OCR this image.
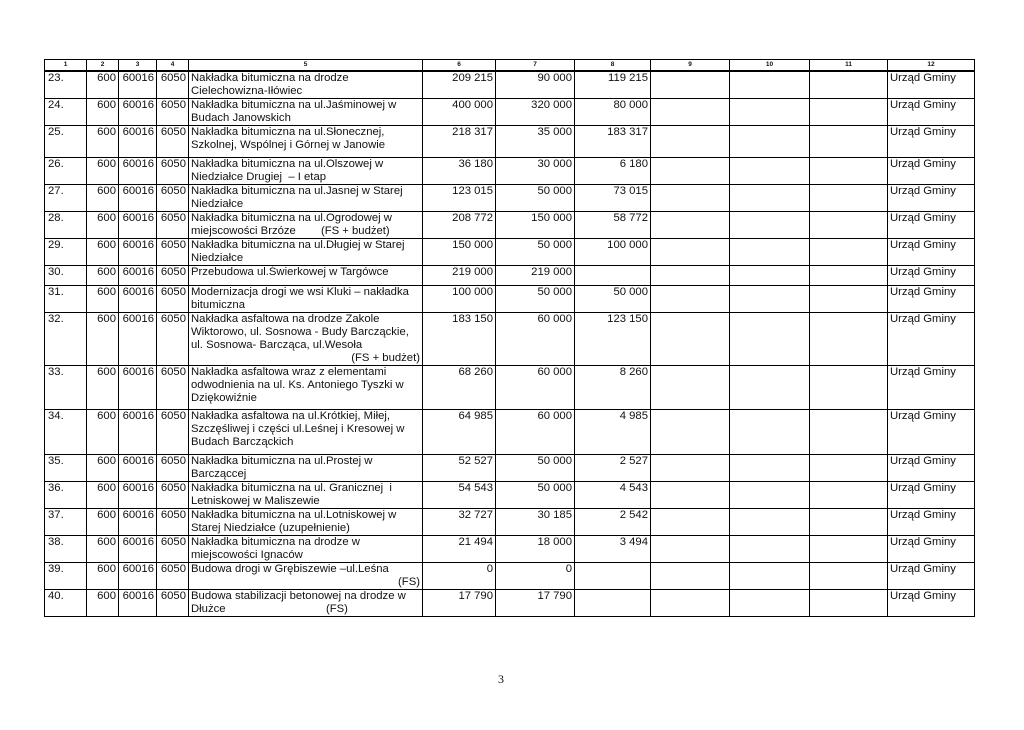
1	2	3	4	5	6	7	8	9	10	11	12
23.	600	60016	6050	Nakładka bitumiczna na drodze
Cielechowizna-Iłówiec	209 215	90 000	119 215				Urząd Gminy
24.	600	60016	6050	Nakładka bitumiczna na ul.Jaśminowej w
Budach Janowskich	400 000	320 000	80 000				Urząd Gminy
25.	600	60016	6050	Nakładka bitumiczna na ul.Słonecznej,
Szkolnej, Wspólnej i Górnej w Janowie	218 317	35 000	183 317				Urząd Gminy
26.	600	60016	6050	Nakładka bitumiczna na ul.Olszowej w
Niedziałce Drugiej  – I etap	36 180	30 000	6 180				Urząd Gminy
27.	600	60016	6050	Nakładka bitumiczna na ul.Jasnej w Starej
Niedziałce	123 015	50 000	73 015				Urząd Gminy
28.	600	60016	6050	Nakładka bitumiczna na ul.Ogrodowej w
miejscowości Brzóze        (FS + budżet)	208 772	150 000	58 772				Urząd Gminy
29.	600	60016	6050	Nakładka bitumiczna na ul.Długiej w Starej
Niedziałce	150 000	50 000	100 000				Urząd Gminy
30.	600	60016	6050	Przebudowa ul.Świerkowej w Targówce	219 000	219 000					Urząd Gminy
31.	600	60016	6050	Modernizacja drogi we wsi Kluki – nakładka
bitumiczna	100 000	50 000	50 000				Urząd Gminy
32.	600	60016	6050	Nakładka asfaltowa na drodze Zakole
Wiktorowo, ul. Sosnowa - Budy Barcząckie,
ul. Sosnowa- Barcząca, ul.Wesoła
(FS + budżet)	183 150	60 000	123 150				Urząd Gminy
33.	600	60016	6050	Nakładka asfaltowa wraz z elementami
odwodnienia na ul. Ks. Antoniego Tyszki w
Dziękowiźnie	68 260	60 000	8 260				Urząd Gminy
34.	600	60016	6050	Nakładka asfaltowa na ul.Krótkiej, Miłej,
Szczęśliwej i części ul.Leśnej i Kresowej w
Budach Barcząckich	64 985	60 000	4 985				Urząd Gminy
35.	600	60016	6050	Nakładka bitumiczna na ul.Prostej w
Barcząccej	52 527	50 000	2 527				Urząd Gminy
36.	600	60016	6050	Nakładka bitumiczna na ul. Granicznej  i
Letniskowej w Maliszewie	54 543	50 000	4 543				Urząd Gminy
37.	600	60016	6050	Nakładka bitumiczna na ul.Lotniskowej w
Starej Niedziałce (uzupełnienie)	32 727	30 185	2 542				Urząd Gminy
38.	600	60016	6050	Nakładka bitumiczna na drodze w
miejscowości Ignaców	21 494	18 000	3 494				Urząd Gminy
39.	600	60016	6050	Budowa drogi w Grębiszewie –ul.Leśna
(FS)	0	0					Urząd Gminy
40.	600	60016	6050	Budowa stabilizacji betonowej na drodze w
Dłużce                                (FS)	17 790	17 790					Urząd Gminy
3
